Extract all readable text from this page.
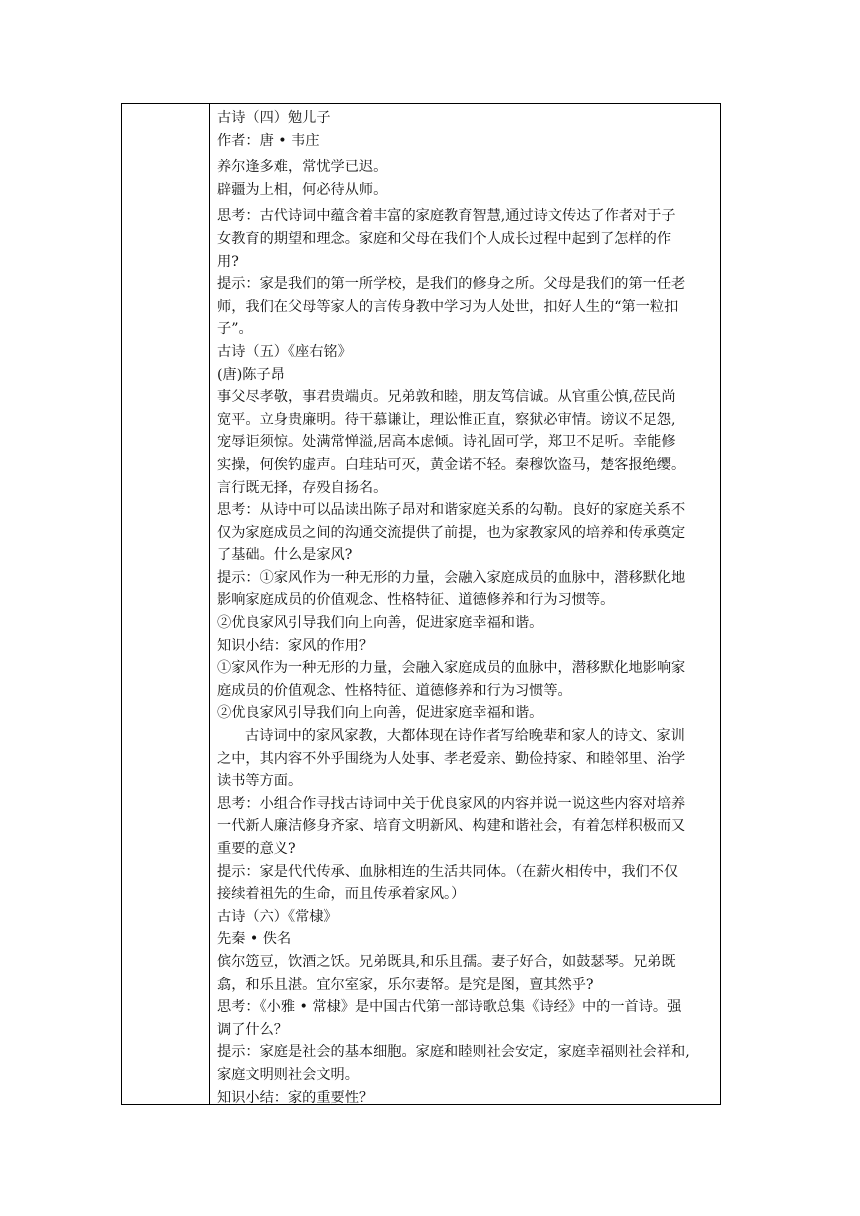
古诗（四）勉儿子
作者：唐 • 韦庄
养尔逢多难，常忧学已迟。
辟疆为上相，何必待从师。
思考：古代诗词中蕴含着丰富的家庭教育智慧,通过诗文传达了作者对于子
女教育的期望和理念。家庭和父母在我们个人成长过程中起到了怎样的作
用?
提示：家是我们的第一所学校，是我们的修身之所。父母是我们的第一任老
师，我们在父母等家人的言传身教中学习为人处世，扣好人生的“第一粒扣
子”。
古诗（五）《座右铭》
(唐)陈子昂
事父尽孝敬，事君贵端贞。兄弟敦和睦，朋友笃信诚。从官重公慎,莅民尚
宽平。立身贵廉明。待干慕谦让，理讼惟正直，察狱必审情。谤议不足怨,
宠辱讵须惊。处满常惮溢,居高本虑倾。诗礼固可学，郑卫不足听。幸能修
实操，何俟钓虚声。白珪玷可灭，黄金诺不轻。秦穆饮盗马，楚客报绝缨。
言行既无择，存殁自扬名。
思考：从诗中可以品读出陈子昂对和谐家庭关系的勾勒。良好的家庭关系不
仅为家庭成员之间的沟通交流提供了前提，也为家教家风的培养和传承奠定
了基础。什么是家风?
提示：①家风作为一种无形的力量，会融入家庭成员的血脉中，潜移默化地
影响家庭成员的价值观念、性格特征、道德修养和行为习惯等。
②优良家风引导我们向上向善，促进家庭幸福和谐。
知识小结：家风的作用？
①家风作为一种无形的力量，会融入家庭成员的血脉中，潜移默化地影响家
庭成员的价值观念、性格特征、道德修养和行为习惯等。
②优良家风引导我们向上向善，促进家庭幸福和谐。
古诗词中的家风家教，大都体现在诗作者写给晚辈和家人的诗文、家训
之中，其内容不外乎围绕为人处事、孝老爱亲、勤俭持家、和睦邻里、治学
读书等方面。
思考：小组合作寻找古诗词中关于优良家风的内容并说一说这些内容对培养
一代新人廉洁修身齐家、培育文明新风、构建和谐社会，有着怎样积极而又
重要的意义?
提示：家是代代传承、血脉相连的生活共同体。（在薪火相传中，我们不仅
接续着祖先的生命，而且传承着家风。）
古诗（六）《常棣》
先秦 • 佚名
傧尔笾豆，饮酒之饫。兄弟既具,和乐且孺。妻子好合，如鼓瑟琴。兄弟既
翕，和乐且湛。宜尔室家，乐尔妻帑。是究是图，亶其然乎?
思考：《小雅 • 常棣》是中国古代第一部诗歌总集《诗经》中的一首诗。强
调了什么？
提示：家庭是社会的基本细胞。家庭和睦则社会安定，家庭幸福则社会祥和,
家庭文明则社会文明。
知识小结：家的重要性？
